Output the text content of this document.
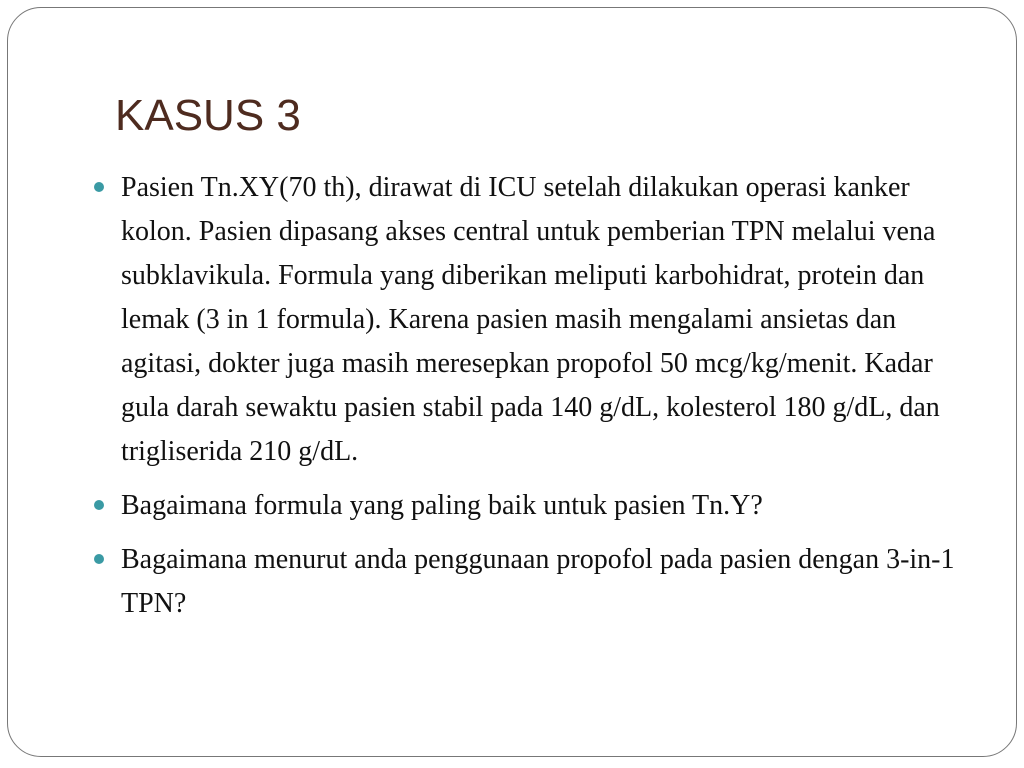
KASUS 3
Pasien Tn.XY(70 th), dirawat di ICU setelah dilakukan operasi kanker kolon. Pasien dipasang akses central untuk pemberian TPN melalui vena subklavikula. Formula yang diberikan meliputi karbohidrat, protein dan lemak (3 in 1 formula). Karena pasien masih mengalami ansietas dan agitasi, dokter juga masih meresepkan propofol 50 mcg/kg/menit. Kadar gula darah sewaktu pasien stabil pada 140 g/dL, kolesterol 180 g/dL, dan trigliserida 210 g/dL.
Bagaimana formula yang paling baik untuk pasien Tn.Y?
Bagaimana menurut anda penggunaan propofol pada pasien dengan 3-in-1 TPN?
